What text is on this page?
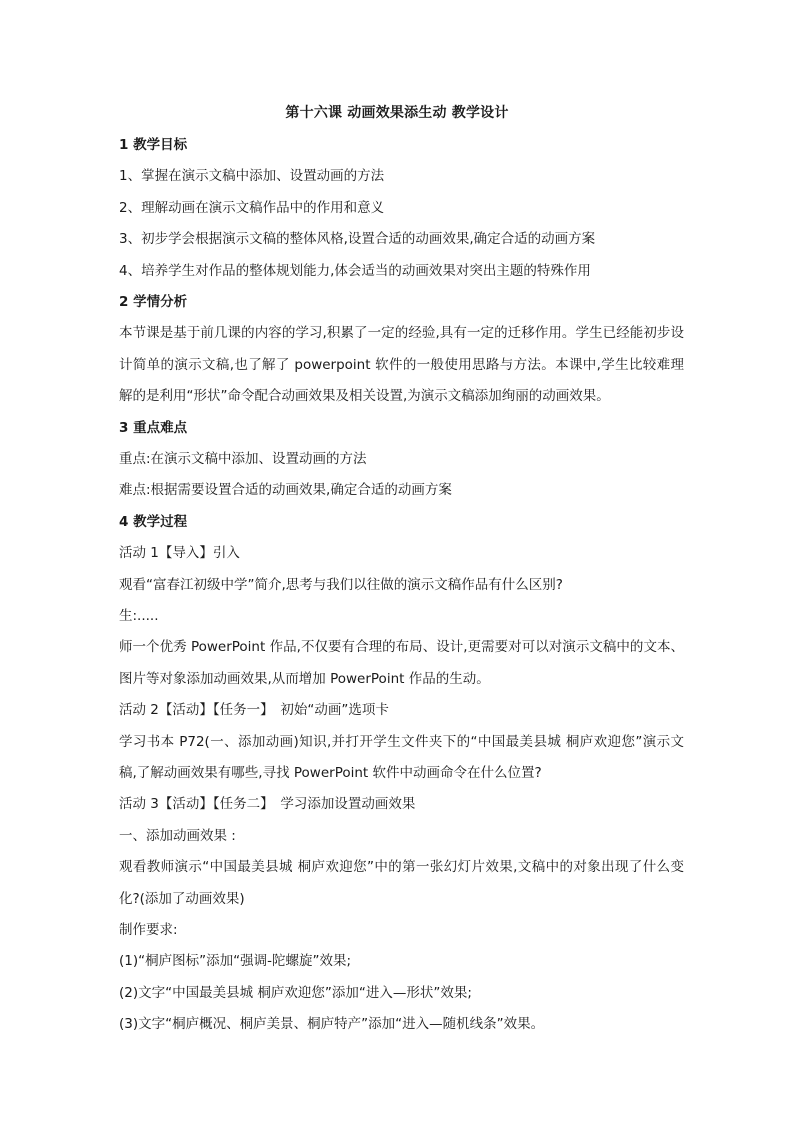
第十六课 动画效果添生动 教学设计
1 教学目标
1、掌握在演示文稿中添加、设置动画的方法
2、理解动画在演示文稿作品中的作用和意义
3、初步学会根据演示文稿的整体风格,设置合适的动画效果,确定合适的动画方案
4、培养学生对作品的整体规划能力,体会适当的动画效果对突出主题的特殊作用
2 学情分析
本节课是基于前几课的内容的学习,积累了一定的经验,具有一定的迁移作用。学生已经能初步设计简单的演示文稿,也了解了 powerpoint 软件的一般使用思路与方法。本课中,学生比较难理解的是利用“形状”命令配合动画效果及相关设置,为演示文稿添加绚丽的动画效果。
3 重点难点
重点:在演示文稿中添加、设置动画的方法
难点:根据需要设置合适的动画效果,确定合适的动画方案
4 教学过程
活动 1【导入】引入
观看“富春江初级中学”简介,思考与我们以往做的演示文稿作品有什么区别?
生:.....
师一个优秀 PowerPoint 作品,不仅要有合理的布局、设计,更需要对可以对演示文稿中的文本、图片等对象添加动画效果,从而增加 PowerPoint 作品的生动。
活动 2【活动】【任务一】　初始“动画”选项卡
学习书本 P72(一、添加动画)知识,并打开学生文件夹下的“中国最美县城 桐庐欢迎您”演示文稿,了解动画效果有哪些,寻找 PowerPoint 软件中动画命令在什么位置?
活动 3【活动】【任务二】　学习添加设置动画效果
一、添加动画效果 :
观看教师演示“中国最美县城 桐庐欢迎您”中的第一张幻灯片效果,文稿中的对象出现了什么变化?(添加了动画效果)
制作要求:
(1)“桐庐图标”添加“强调-陀螺旋”效果;
(2)文字“中国最美县城 桐庐欢迎您”添加“进入—形状”效果;
(3)文字“桐庐概况、桐庐美景、桐庐特产”添加“进入—随机线条”效果。
